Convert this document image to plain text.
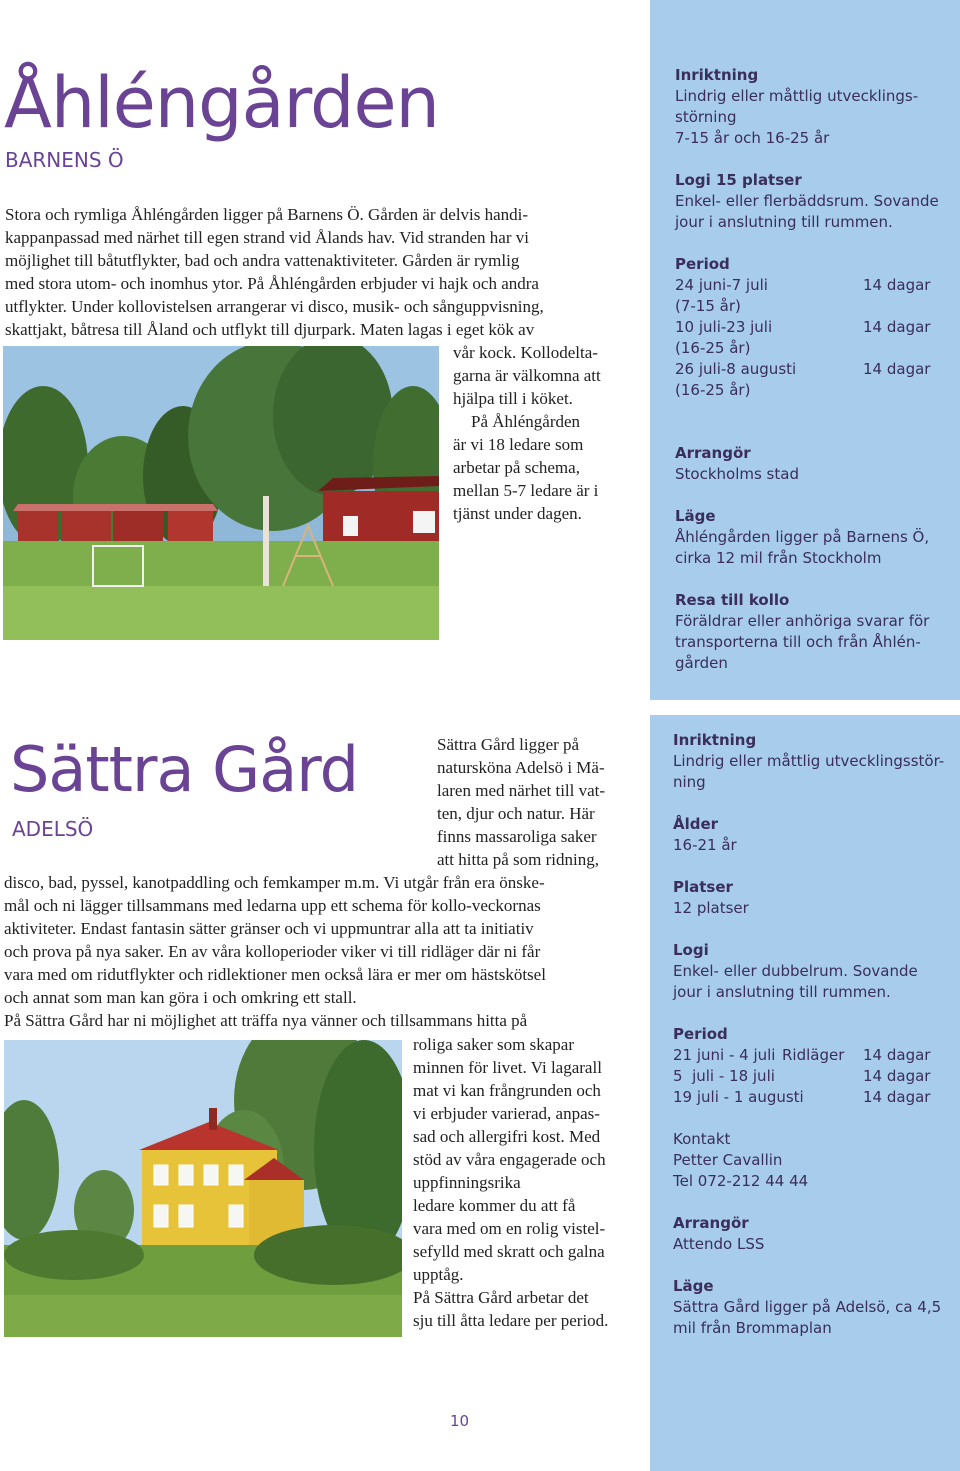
Åhléngården
BARNENS Ö
Stora och rymliga Åhléngården ligger på Barnens Ö. Gården är delvis handi-
kappanpassad med närhet till egen strand vid Ålands hav. Vid stranden har vi
möjlighet till båtutflykter, bad och andra vattenaktiviteter. Gården är rymlig
med stora utom- och inomhus ytor. På Åhléngården erbjuder vi hajk och andra
utflykter. Under kollovistelsen arrangerar vi disco, musik- och sånguppvisning,
skattjakt, båtresa till Åland och utflykt till djurpark. Maten lagas i eget kök av
vår kock. Kollodelta-
garna är välkomna att
hjälpa till i köket.
På Åhléngården
är vi 18 ledare som
arbetar på schema,
mellan 5-7 ledare är i
tjänst under dagen.
Inriktning
Lindrig eller måttlig utvecklings-
störning
7-15 år och 16-25 år
Logi 15 platser
Enkel- eller flerbäddsrum. Sovande
jour i anslutning till rummen.
Period
24 juni-7 juli	14 dagar
(7-15 år)
10 juli-23 juli	14 dagar
(16-25 år)
26 juli-8 augusti	14 dagar
(16-25 år)
Arrangör
Stockholms stad
Läge
Åhléngården ligger på Barnens Ö,
cirka 12 mil från Stockholm
Resa till kollo
Föräldrar eller anhöriga svarar för
transporterna till och från Åhlén-
gården
Sättra Gård
ADELSÖ
Sättra Gård ligger på
natursköna Adelsö i Mä-
laren med närhet till vat-
ten, djur och natur. Här
finns massaroliga saker
att hitta på som ridning,
disco, bad, pyssel, kanotpaddling och femkamper m.m. Vi utgår från era önske-
mål och ni lägger tillsammans med ledarna upp ett schema för kollo-veckornas
aktiviteter. Endast fantasin sätter gränser och vi uppmuntrar alla att ta initiativ
och prova på nya saker. En av våra kolloperioder viker vi till ridläger där ni får
vara med om ridutflykter och ridlektioner men också lära er mer om hästskötsel
och annat som man kan göra i och omkring ett stall.
På Sättra Gård har ni möjlighet att träffa nya vänner och tillsammans hitta på
roliga saker som skapar
minnen för livet. Vi lagarall
mat vi kan frångrunden och
vi erbjuder varierad, anpas-
sad och allergifri kost. Med
stöd av våra engagerade och
uppfinningsrika
ledare kommer du att få
vara med om en rolig vistel-
sefylld med skratt och galna
upptåg.
På Sättra Gård arbetar det
sju till åtta ledare per period.
Inriktning
Lindrig eller måttlig utvecklingsstör-
ning
Ålder
16-21 år
Platser
12 platser
Logi
Enkel- eller dubbelrum. Sovande
jour i anslutning till rummen.
Period
21 juni - 4 juli Ridläger	14 dagar
5  juli - 18 juli	14 dagar
19 juli - 1 augusti	14 dagar
Kontakt
Petter Cavallin
Tel 072-212 44 44
Arrangör
Attendo LSS
Läge
Sättra Gård ligger på Adelsö, ca 4,5
mil från Brommaplan
10
